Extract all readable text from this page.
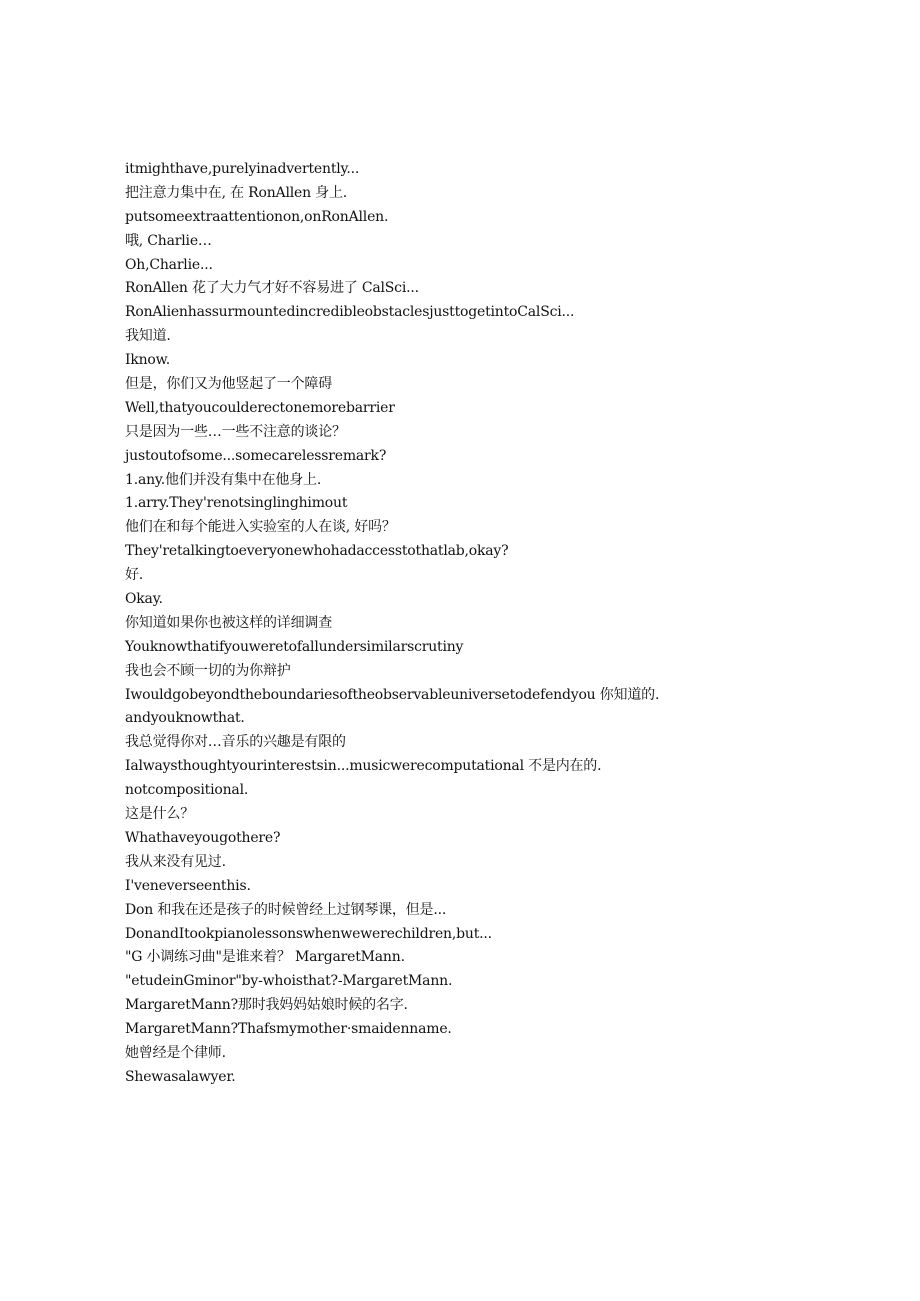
itmighthave,purelyinadvertently...
把注意力集中在, 在 RonAllen 身上.
putsomeextraattentionon,onRonAllen.
哦, Charlie…
Oh,Charlie...
RonAllen 花了大力气才好不容易进了 CalSci...
RonAlienhassurmountedincredibleobstaclesjusttogetintoCalSci...
我知道.
Iknow.
但是，你们又为他竖起了一个障碍
Well,thatyoucoulderectonemorebarrier
只是因为一些…一些不注意的谈论？
justoutofsome...somecarelessremark?
1.any.他们并没有集中在他身上.
1.arry.They'renotsinglinghimout
他们在和每个能进入实验室的人在谈, 好吗？
They'retalkingtoeveryonewhohadaccesstothatlab,okay?
好.
Okay.
你知道如果你也被这样的详细调查
Youknowthatifyouweretofallundersimilarscrutiny
我也会不顾一切的为你辩护
Iwouldgobeyondtheboundariesoftheobservableuniversetodefendyou 你知道的.
andyouknowthat.
我总觉得你对…音乐的兴趣是有限的
Ialwaysthoughtyourinterestsin...musicwerecomputational 不是内在的.
notcompositional.
这是什么？
Whathaveyougothere?
我从来没有见过.
I'veneverseenthis.
Don 和我在还是孩子的时候曾经上过钢琴课，但是...
DonandItookpianolessonswhenwewerechildren,but...
"G 小调练习曲"是谁来着？ MargaretMann.
"etudeinGminor"by-whoisthat?-MargaretMann.
MargaretMann?那时我妈妈姑娘时候的名字.
MargaretMann?Thafsmymother·smaidenname.
她曾经是个律师.
Shewasalawyer.
